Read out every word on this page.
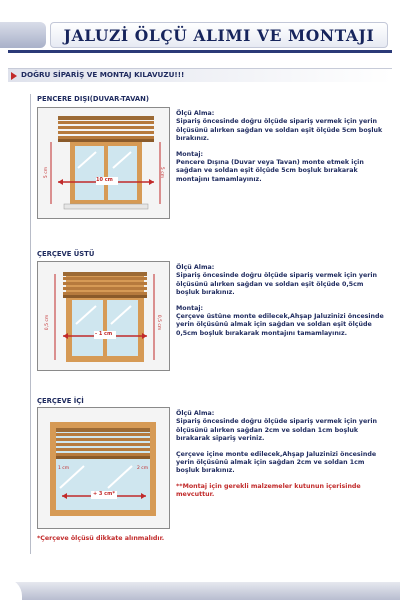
JALUZİ ÖLÇÜ ALIMI VE MONTAJI
DOĞRU SİPARİŞ VE MONTAJ KILAVUZU!!!
PENCERE DIŞI(DUVAR-TAVAN)
10 cm
5 cm	5 cm

Ölçü Alma:
Sipariş öncesinde doğru ölçüde sipariş vermek için yerin ölçüsünü alırken sağdan ve soldan eşit ölçüde 5cm boşluk bırakınız.

Montaj:
Pencere Dışına (Duvar veya Tavan) monte etmek için sağdan ve soldan eşit ölçüde 5cm boşluk bırakarak montajını tamamlayınız.

ÇERÇEVE ÜSTÜ
- 1 cm
0,5 cm	0,5 cm

Ölçü Alma:
Sipariş öncesinde doğru ölçüde sipariş vermek için yerin ölçüsünü alırken sağdan ve soldan eşit ölçüde 0,5cm boşluk bırakınız.

Montaj:
Çerçeve üstüne monte edilecek,Ahşap Jaluzinizi öncesinde yerin ölçüsünü almak için sağdan ve soldan eşit ölçüde 0,5cm boşluk bırakarak montajını tamamlayınız.

ÇERÇEVE İÇİ
+ 3 cm*
1 cm	2 cm

Ölçü Alma:
Sipariş öncesinde doğru ölçüde sipariş vermek için yerin ölçüsünü alırken sağdan 2cm ve soldan 1cm boşluk bırakarak sipariş veriniz.

Çerçeve içine monte edilecek,Ahşap Jaluzinizi öncesinde yerin ölçüsünü almak için sağdan 2cm ve soldan 1cm boşluk bırakınız.

**Montaj için gerekli malzemeler kutunun içerisinde mevcuttur.

*Çerçeve ölçüsü dikkate alınmalıdır.
